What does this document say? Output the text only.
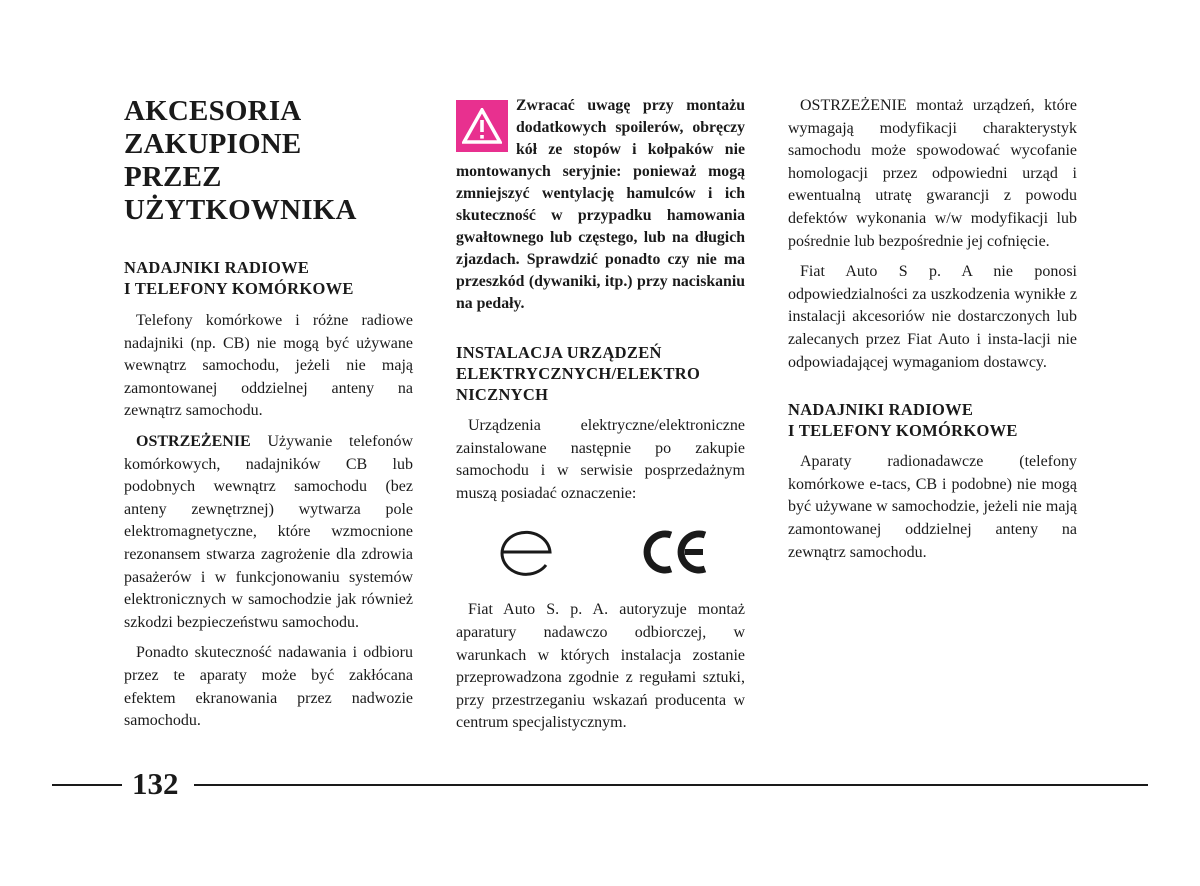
AKCESORIA
ZAKUPIONE
PRZEZ
UŻYTKOWNIKA
NADAJNIKI RADIOWE
I TELEFONY KOMÓRKOWE

Telefony komórkowe i różne radiowe nadajniki (np. CB) nie mogą być używane wewnątrz samochodu, jeżeli nie mają zamontowanej oddzielnej anteny na zewnątrz samochodu.

OSTRZEŻENIE Używanie telefonów komórkowych, nadajników CB lub podobnych wewnątrz samochodu (bez anteny zewnętrznej) wytwarza pole elektromagnetyczne, które wzmocnione rezonansem stwarza zagrożenie dla zdrowia pasażerów i w funkcjonowaniu systemów elektronicznych w samochodzie jak również szkodzi bezpieczeństwu samochodu.

Ponadto skuteczność nadawania i odbioru przez te aparaty może być zakłócana efektem ekranowania przez nadwozie samochodu.

Zwracać uwagę przy montażu dodatkowych spoilerów, obręczy kół ze stopów i kołpaków nie montowanych seryjnie: ponieważ mogą zmniejszyć wentylację hamulców i ich skuteczność w przypadku hamowania gwałtownego lub częstego, lub na długich zjazdach. Sprawdzić ponadto czy nie ma przeszkód (dywaniki, itp.) przy naciskaniu na pedały.

INSTALACJA URZĄDZEŃ
ELEKTRYCZNYCH/ELEKTRO
NICZNYCH

Urządzenia elektryczne/elektroniczne zainstalowane następnie po zakupie samochodu i w serwisie posprzedażnym muszą posiadać oznaczenie:

Fiat Auto S. p. A. autoryzuje montaż aparatury nadawczo odbiorczej, w warunkach w których instalacja zostanie przeprowadzona zgodnie z regułami sztuki, przy przestrzeganiu wskazań producenta w centrum specjalistycznym.

OSTRZEŻENIE montaż urządzeń, które wymagają modyfikacji charakterystyk samochodu może spowodować wycofanie homologacji przez odpowiedni urząd i ewentualną utratę gwarancji z powodu defektów wykonania w/w modyfikacji lub pośrednie lub bezpośrednie jej cofnięcie.

Fiat Auto S p. A nie ponosi odpowiedzialności za uszkodzenia wynikłe z instalacji akcesoriów nie dostarczonych lub zalecanych przez Fiat Auto i insta-lacji nie odpowiadającej wymaganiom dostawcy.

NADAJNIKI RADIOWE
I TELEFONY KOMÓRKOWE

Aparaty radionadawcze (telefony komórkowe e-tacs, CB i podobne) nie mogą być używane w samochodzie, jeżeli nie mają zamontowanej oddzielnej anteny na zewnątrz samochodu.

132
